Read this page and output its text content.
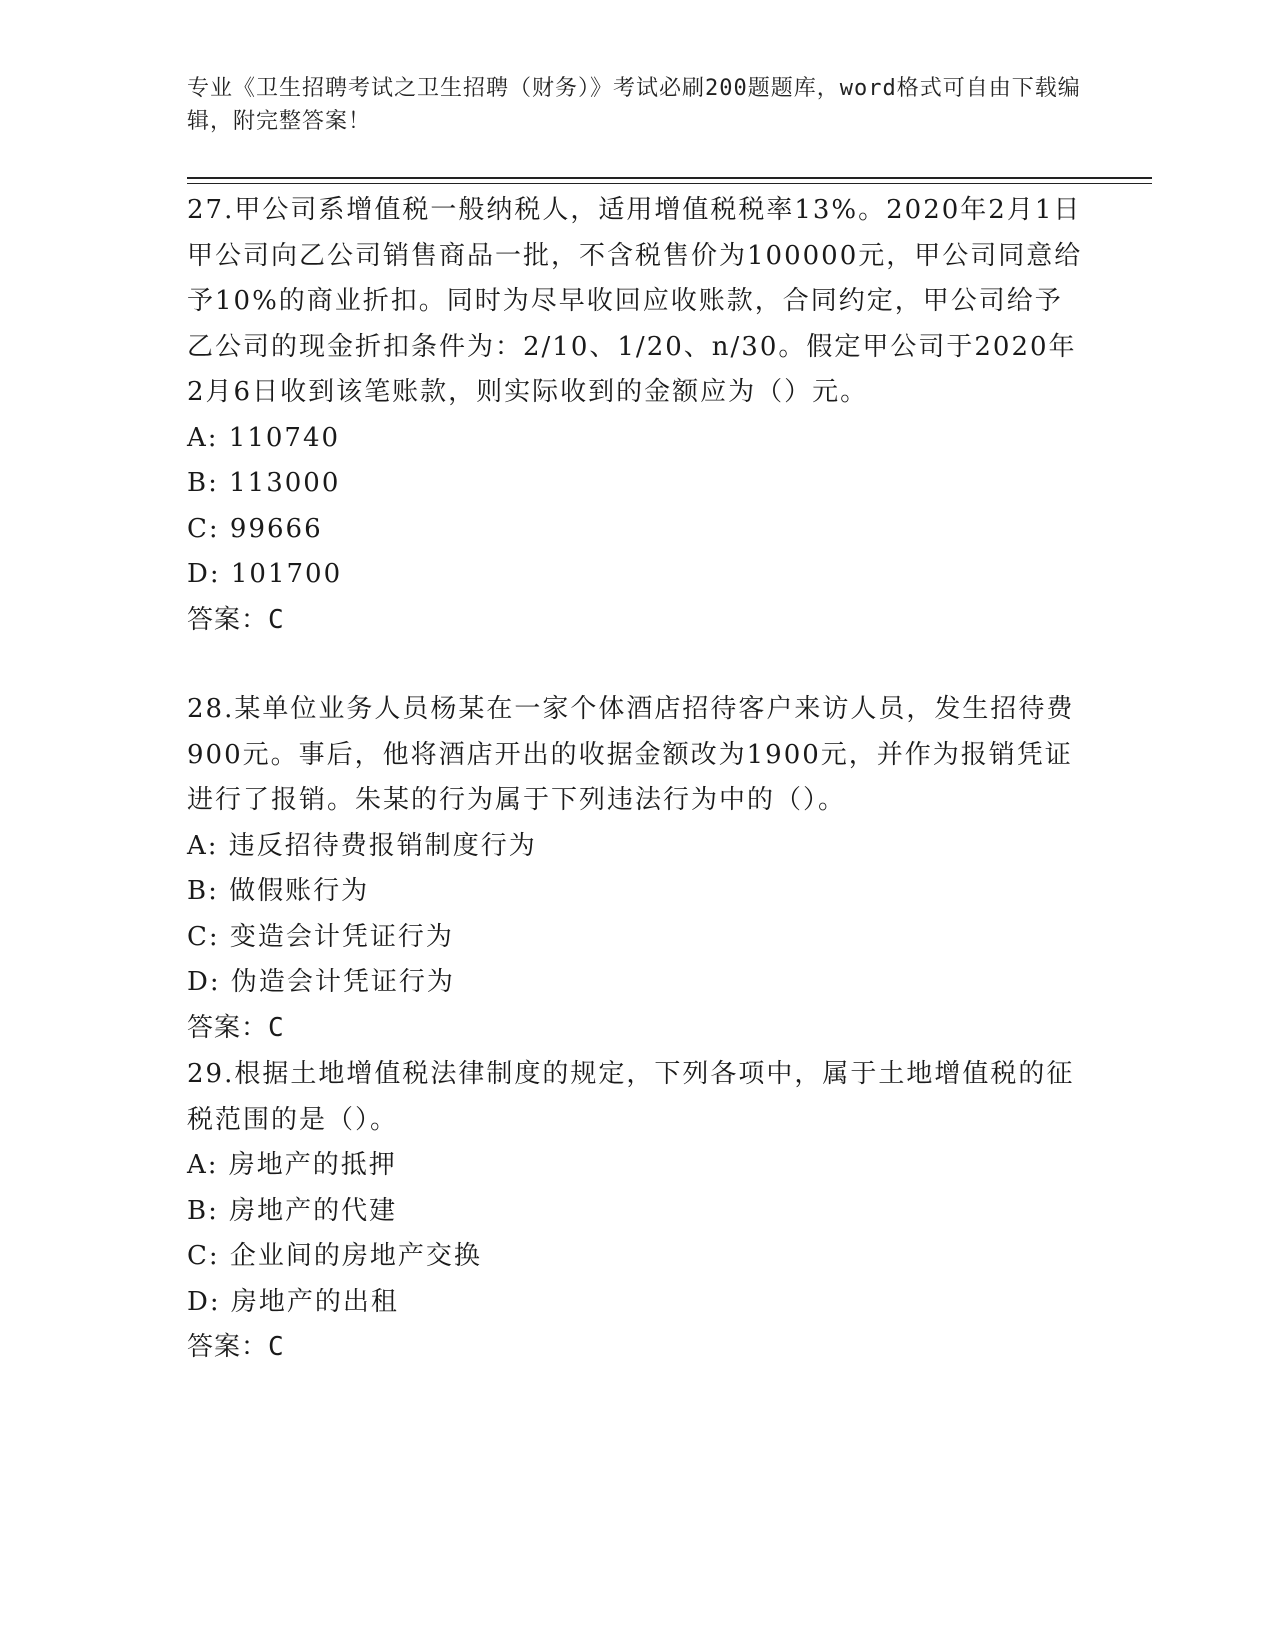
专业《卫生招聘考试之卫生招聘（财务）》考试必刷200题题库，word格式可自由下载编辑，附完整答案！
27.甲公司系增值税一般纳税人，适用增值税税率13%。2020年2月1日甲公司向乙公司销售商品一批，不含税售价为100000元，甲公司同意给予10%的商业折扣。同时为尽早收回应收账款，合同约定，甲公司给予乙公司的现金折扣条件为：2/10、1/20、n/30。假定甲公司于2020年2月6日收到该笔账款，则实际收到的金额应为（）元。
A: 110740
B: 113000
C: 99666
D: 101700
答案：C
28.某单位业务人员杨某在一家个体酒店招待客户来访人员，发生招待费900元。事后，他将酒店开出的收据金额改为1900元，并作为报销凭证进行了报销。朱某的行为属于下列违法行为中的（）。
A: 违反招待费报销制度行为
B: 做假账行为
C: 变造会计凭证行为
D: 伪造会计凭证行为
答案：C
29.根据土地增值税法律制度的规定，下列各项中，属于土地增值税的征税范围的是（）。
A: 房地产的抵押
B: 房地产的代建
C: 企业间的房地产交换
D: 房地产的出租
答案：C
